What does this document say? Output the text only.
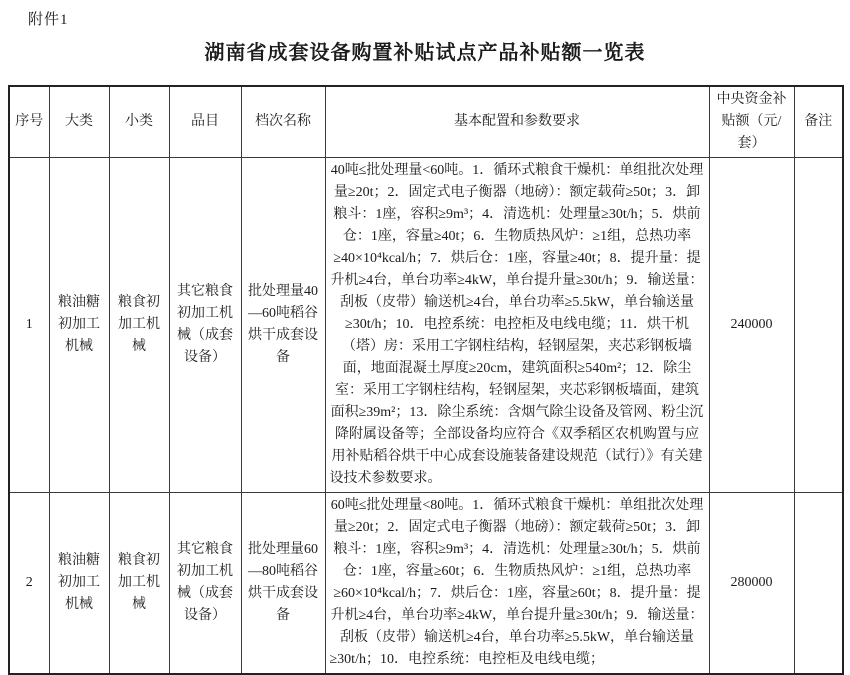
附件1
湖南省成套设备购置补贴试点产品补贴额一览表
序号	大类	小类	品目	档次名称	基本配置和参数要求	中央资金补贴额（元/套）	备注
1	粮油糖初加工机械	粮食初加工机械	其它粮食初加工机械（成套设备）	批处理量40—60吨稻谷烘干成套设备	40吨≤批处理量<60吨。1．循环式粮食干燥机：单组批次处理量≥20t；2．固定式电子衡器（地磅）：额定载荷≥50t；3．卸粮斗：1座，容积≥9m³；4．清选机：处理量≥30t/h；5．烘前仓：1座，容量≥40t；6．生物质热风炉：≥1组，总热功率≥40×10⁴kcal/h；7．烘后仓：1座，容量≥40t；8．提升量：提升机≥4台，单台功率≥4kW，单台提升量≥30t/h；9．输送量：刮板（皮带）输送机≥4台，单台功率≥5.5kW，单台输送量≥30t/h；10．电控系统：电控柜及电线电缆；11．烘干机（塔）房：采用工字钢柱结构，轻钢屋架，夹芯彩钢板墙面，地面混凝土厚度≥20cm，建筑面积≥540m²；12．除尘室：采用工字钢柱结构，轻钢屋架，夹芯彩钢板墙面，建筑面积≥39m²；13．除尘系统：含烟气除尘设备及管网、粉尘沉降附属设备等；全部设备均应符合《双季稻区农机购置与应用补贴稻谷烘干中心成套设施装备建设规范（试行）》有关建设技术参数要求。	240000	
2	粮油糖初加工机械	粮食初加工机械	其它粮食初加工机械（成套设备）	批处理量60—80吨稻谷烘干成套设备	60吨≤批处理量<80吨。1．循环式粮食干燥机：单组批次处理量≥20t；2．固定式电子衡器（地磅）：额定载荷≥50t；3．卸粮斗：1座，容积≥9m³；4．清选机：处理量≥30t/h；5．烘前仓：1座，容量≥60t；6．生物质热风炉：≥1组，总热功率≥60×10⁴kcal/h；7．烘后仓：1座，容量≥60t；8．提升量：提升机≥4台，单台功率≥4kW，单台提升量≥30t/h；9．输送量：刮板（皮带）输送机≥4台，单台功率≥5.5kW，单台输送量≥30t/h；10．电控系统：电控柜及电线电缆；	280000	
